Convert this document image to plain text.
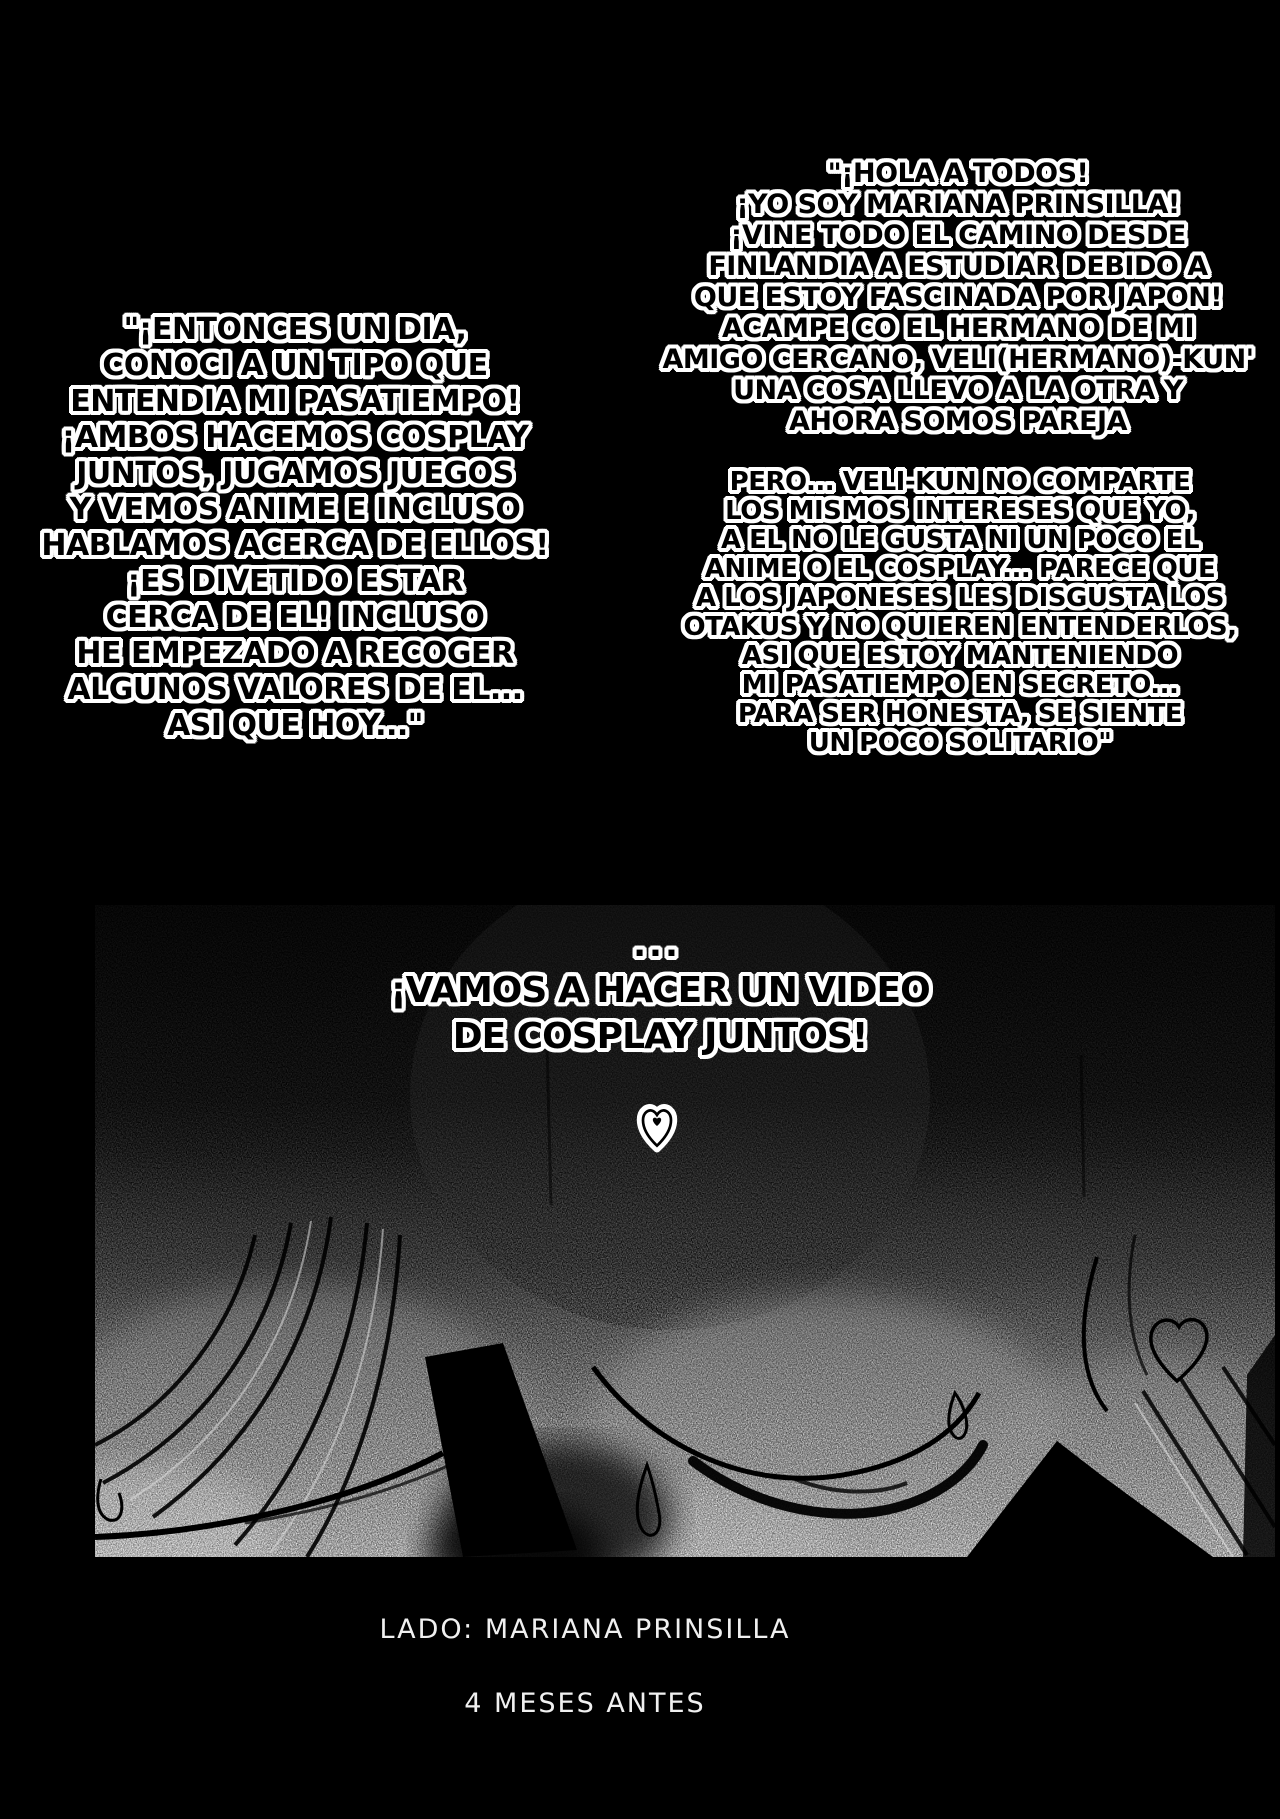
"¡ENTONCES UN DIA,
CONOCI A UN TIPO QUE
ENTENDIA MI PASATIEMPO!
¡AMBOS HACEMOS COSPLAY
JUNTOS, JUGAMOS JUEGOS
Y VEMOS ANIME E INCLUSO
HABLAMOS ACERCA DE ELLOS!
¡ES DIVETIDO ESTAR
CERCA DE EL! INCLUSO
HE EMPEZADO A RECOGER
ALGUNOS VALORES DE EL...
ASI QUE HOY..."
"¡HOLA A TODOS!
¡YO SOY MARIANA PRINSILLA!
¡VINE TODO EL CAMINO DESDE
FINLANDIA A ESTUDIAR DEBIDO A
QUE ESTOY FASCINADA POR JAPON!
ACAMPE CO EL HERMANO DE MI
AMIGO CERCANO, VELI(HERMANO)-KUN'
UNA COSA LLEVO A LA OTRA Y
AHORA SOMOS PAREJA
PERO... VELI-KUN NO COMPARTE
LOS MISMOS INTERESES QUE YO,
A EL NO LE GUSTA NI UN POCO EL
ANIME O EL COSPLAY... PARECE QUE
A LOS JAPONESES LES DISGUSTA LOS
OTAKUS Y NO QUIEREN ENTENDERLOS,
ASI QUE ESTOY MANTENIENDO
MI PASATIEMPO EN SECRETO...
PARA SER HONESTA, SE SIENTE
UN POCO SOLITARIO"
...
¡VAMOS A HACER UN VIDEO
DE COSPLAY JUNTOS!
LADO: MARIANA PRINSILLA
4 MESES ANTES
